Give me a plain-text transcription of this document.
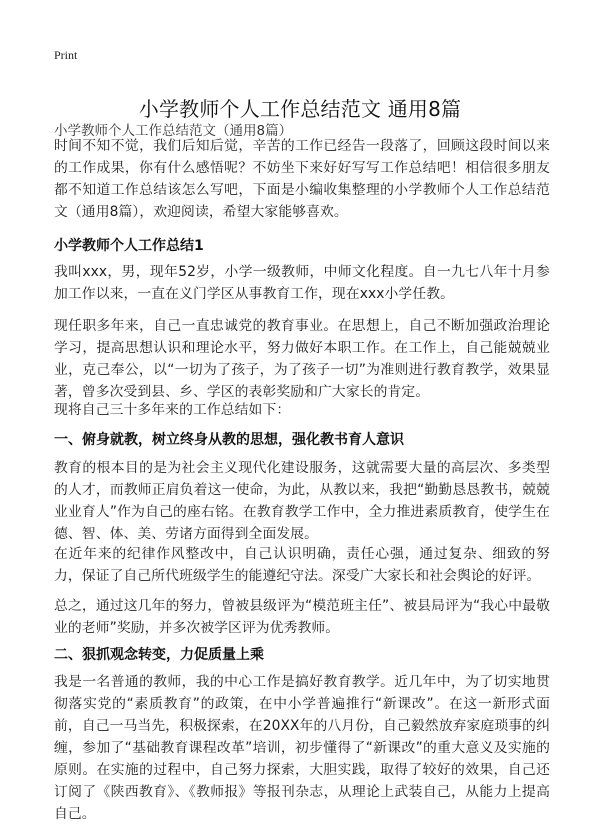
Print
小学教师个人工作总结范文 通用8篇
小学教师个人工作总结范文（通用8篇）

时间不知不觉，我们后知后觉，辛苦的工作已经告一段落了，回顾这段时间以来的工作成果，你有什么感悟呢？不妨坐下来好好写写工作总结吧！相信很多朋友都不知道工作总结该怎么写吧，下面是小编收集整理的小学教师个人工作总结范文（通用8篇），欢迎阅读，希望大家能够喜欢。

小学教师个人工作总结1

我叫xxx，男，现年52岁，小学一级教师，中师文化程度。自一九七八年十月参加工作以来，一直在义门学区从事教育工作，现在xxx小学任教。

现任职多年来，自己一直忠诚党的教育事业。在思想上，自己不断加强政治理论学习，提高思想认识和理论水平，努力做好本职工作。在工作上，自己能兢兢业业，克己奉公，以“一切为了孩子，为了孩子一切”为准则进行教育教学，效果显著，曾多次受到县、乡、学区的表彰奖励和广大家长的肯定。

现将自己三十多年来的工作总结如下：

一、俯身就教，树立终身从教的思想，强化教书育人意识

教育的根本目的是为社会主义现代化建设服务，这就需要大量的高层次、多类型的人才，而教师正肩负着这一使命，为此，从教以来，我把“勤勤恳恳教书，兢兢业业育人”作为自己的座右铭。在教育教学工作中，全力推进素质教育，使学生在德、智、体、美、劳诸方面得到全面发展。

在近年来的纪律作风整改中，自己认识明确，责任心强，通过复杂、细致的努力，保证了自己所代班级学生的能遵纪守法。深受广大家长和社会舆论的好评。

总之，通过这几年的努力，曾被县级评为“模范班主任”、被县局评为“我心中最敬业的老师”奖励，并多次被学区评为优秀教师。

二、狠抓观念转变，力促质量上乘

我是一名普通的教师，我的中心工作是搞好教育教学。近几年中，为了切实地贯彻落实党的“素质教育”的政策，在中小学普遍推行“新课改”。在这一新形式面前，自己一马当先，积极探索，在20XX年的八月份，自己毅然放弃家庭琐事的纠缠，参加了“基础教育课程改革”培训，初步懂得了“新课改”的重大意义及实施的原则。在实施的过程中，自己努力探索，大胆实践，取得了较好的效果，自己还订阅了《陕西教育》、《教师报》等报刊杂志，从理论上武装自己，从能力上提高自己。
